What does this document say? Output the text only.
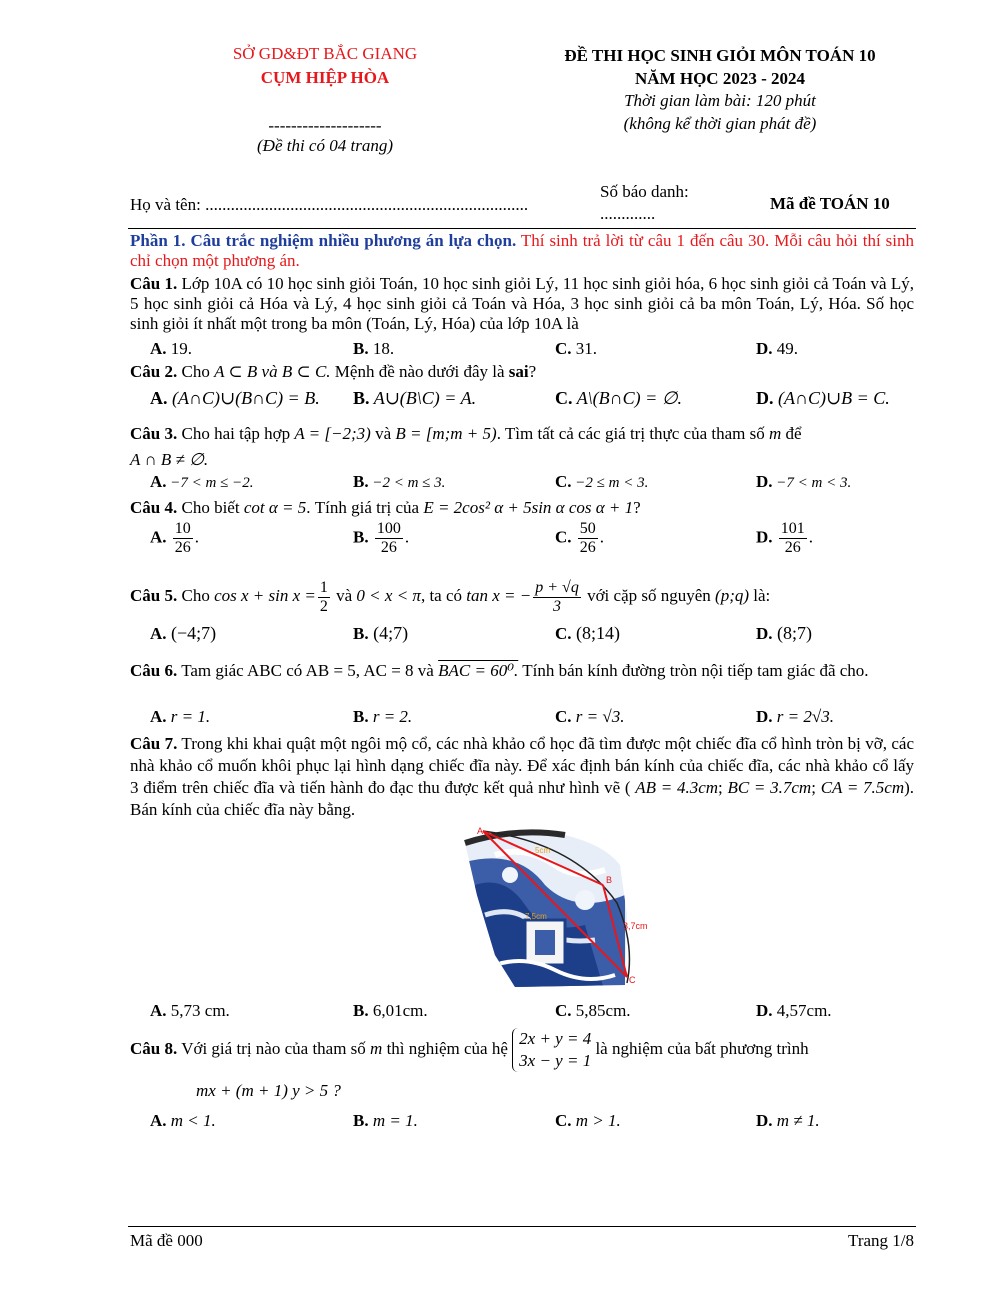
SỞ GD&ĐT BẮC GIANG
CỤM HIỆP HÒA
--------------------
(Đề thi có 04 trang)
ĐỀ THI HỌC SINH GIỎI MÔN TOÁN 10
NĂM HỌC 2023 - 2024
Thời gian làm bài: 120 phút
(không kể thời gian phát đề)
Họ và tên: ............................................................................
Số báo danh:
.............
Mã đề TOÁN 10
Phần 1. Câu trắc nghiệm nhiều phương án lựa chọn. Thí sinh trả lời từ câu 1 đến câu 30. Mỗi câu hỏi thí sinh chỉ chọn một phương án.
Câu 1. Lớp 10A có 10 học sinh giỏi Toán, 10 học sinh giỏi Lý, 11 học sinh giỏi hóa, 6 học sinh giỏi cả Toán và Lý, 5 học sinh giỏi cả Hóa và Lý, 4 học sinh giỏi cả Toán và Hóa, 3 học sinh giỏi cả ba môn Toán, Lý, Hóa. Số học sinh giỏi ít nhất một trong ba môn (Toán, Lý, Hóa) của lớp 10A là
A. 19.	B. 18.	C. 31.	D. 49.
Câu 2. Cho A ⊂ B và B ⊂ C. Mệnh đề nào dưới đây là sai?
A. (A∩C)∪(B∩C) = B. B. A∪(B\C) = A.	C. A\(B∩C) = ∅.	D. (A∩C)∪B = C.
Câu 3. Cho hai tập hợp A = [−2;3) và B = [m;m + 5). Tìm tất cả các giá trị thực của tham số m để
A ∩ B ≠ ∅.
A. −7 < m ≤ −2.	B. −2 < m ≤ 3.	C. −2 ≤ m < 3.	D. −7 < m < 3.
Câu 4. Cho biết cot α = 5. Tính giá trị của E = 2cos² α + 5sin α cos α + 1?
A. $\frac{10}{26}$ .	B. $\frac{100}{26}$ .	C. $\frac{50}{26}$ .	D. $\frac{101}{26}$ .
Câu 5. Cho $\cos x + \sin x = \frac{1}{2}$ và 0 < x < π, ta có tan x = − $\frac{p + √q}{3}$ với cặp số nguyên (p;q) là:
A. (−4;7)	B. (4;7)	C. (8;14)	D. (8;7)
Câu 6. Tam giác ABC có AB = 5, AC = 8 và BAC = 60⁰. Tính bán kính đường tròn nội tiếp tam giác đã cho.
A. r = 1.	B. r = 2.	C. r = √3.	D. r = 2√3.
Câu 7. Trong khi khai quật một ngôi mộ cổ, các nhà khảo cổ học đã tìm được một chiếc đĩa cổ hình tròn bị vỡ, các nhà khảo cổ muốn khôi phục lại hình dạng chiếc đĩa này. Để xác định bán kính của chiếc đĩa, các nhà khảo cổ lấy 3 điểm trên chiếc đĩa và tiến hành đo đạc thu được kết quả như hình vẽ ( AB = 4.3cm; BC = 3.7cm; CA = 7.5cm). Bán kính của chiếc đĩa này bằng.
A
B
C
5cm
3,7cm
7,5cm
A. 5,73 cm.	B. 6,01cm.	C. 5,85cm.	D. 4,57cm.
Câu 8. Với giá trị nào của tham số m thì nghiệm của hệ
2x + y = 4
3x − y = 1
là nghiệm của bất phương trình
mx + (m + 1) y > 5 ?
A. m < 1.	B. m = 1.	C. m > 1.	D. m ≠ 1.
Mã đề 000	Trang 1/8
